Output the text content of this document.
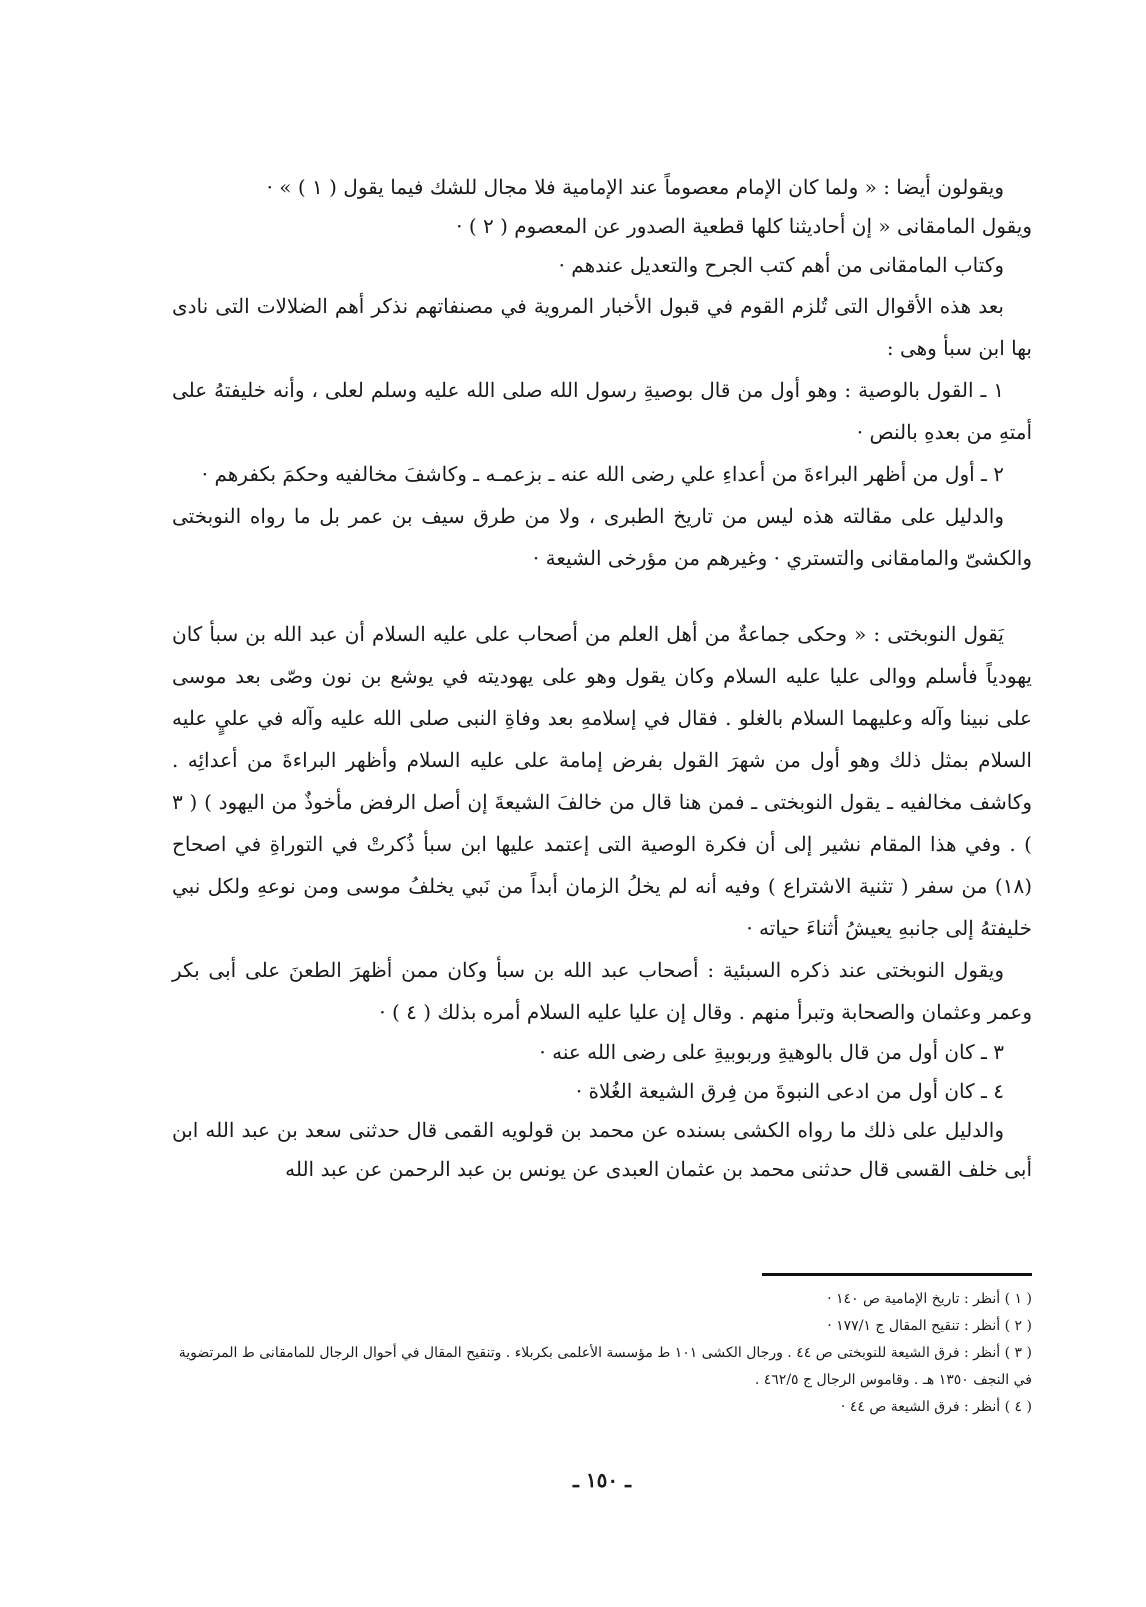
ويقولون أيضا : « ولما كان الإمام معصوماً عند الإمامية فلا مجال للشك فيما يقول ( ١ ) » ·

ويقول المامقانى « إن أحاديثنا كلها قطعية الصدور عن المعصوم ( ٢ ) ·

وكتاب المامقانى من أهم كتب الجرح والتعديل عندهم ·

بعد هذه الأقوال التى تُلزم القوم في قبول الأخبار المروية في مصنفاتهم نذكر أهم الضلالات التى نادى بها ابن سبأ وهى :

١ ـ القول بالوصية : وهو أول من قال بوصيةِ رسول الله صلى الله عليه وسلم لعلى ، وأنه خليفتهُ على أمتهِ من بعدهِ بالنص ·

٢ ـ أول من أظهر البراءةَ من أعداءِ علي رضى الله عنه ـ بزعمـه ـ وكاشفَ مخالفيه وحكمَ بكفرهم ·

والدليل على مقالته هذه ليس من تاريخ الطبرى ، ولا من طرق سيف بن عمر بل ما رواه النوبختى والكشىّ والمامقانى والتستري · وغيرهم من مؤرخى الشيعة ·

يَقول النوبختى : « وحكى جماعةٌ من أهل العلم من أصحاب على عليه السلام أن عبد الله بن سبأ كان يهودياً فأسلم ووالى عليا عليه السلام وكان يقول وهو على يهوديته في يوشع بن نون وصّى بعد موسى على نبينا وآله وعليهما السلام بالغلو . فقال في إسلامهِ بعد وفاةِ النبى صلى الله عليه وآله في عليٍ عليه السلام بمثل ذلك وهو أول من شهرَ القول بفرض إمامة على عليه السلام وأظهر البراءةَ من أعدائِه . وكاشف مخالفيه ـ يقول النوبختى ـ فمن هنا قال من خالفَ الشيعةَ إن أصل الرفض مأخوذٌ من اليهود ) ( ٣ ) . وفي هذا المقام نشير إلى أن فكرة الوصية التى إعتمد عليها ابن سبأ ذُكرتْ في التوراةِ في اصحاح (١٨) من سفر ( تثنية الاشتراع ) وفيه أنه لم يخلُ الزمان أبداً من نَبي يخلفُ موسى ومن نوعهِ ولكل نبي خليفتهُ إلى جانبهِ يعيشُ أثناءَ حياته ·

ويقول النوبختى عند ذكره السبئية : أصحاب عبد الله بن سبأ وكان ممن أظهرَ الطعنَ على أبى بكر وعمر وعثمان والصحابة وتبرأ منهم . وقال إن عليا عليه السلام أمره بذلك ( ٤ ) ·

٣ ـ كان أول من قال بالوهيةِ وربوبيةِ على رضى الله عنه ·

٤ ـ كان أول من ادعى النبوةَ من فِرق الشيعة الغُلاة ·

والدليل على ذلك ما رواه الكشى بسنده عن محمد بن قولويه القمى قال حدثنى سعد بن عبد الله ابن أبى خلف القسى قال حدثنى محمد بن عثمان العبدى عن يونس بن عبد الرحمن عن عبد الله

( ١ ) أنظر : تاريخ الإمامية ص ١٤٠ ·

( ٢ ) أنظر : تنقيح المقال ج ١٧٧/١ ·

( ٣ ) أنظر : فرق الشيعة للنوبختى ص ٤٤ . ورجال الكشى ١٠١ ط مؤسسة الأعلمى بكربلاء . وتنقيح المقال في أحوال الرجال للمامقانى ط المرتضوية في النجف ١٣٥٠ هـ . وقاموس الرجال ج ٤٦٢/٥ .

( ٤ ) أنظر : فرق الشيعة ص ٤٤ ·

ـ ١٥٠ ـ
